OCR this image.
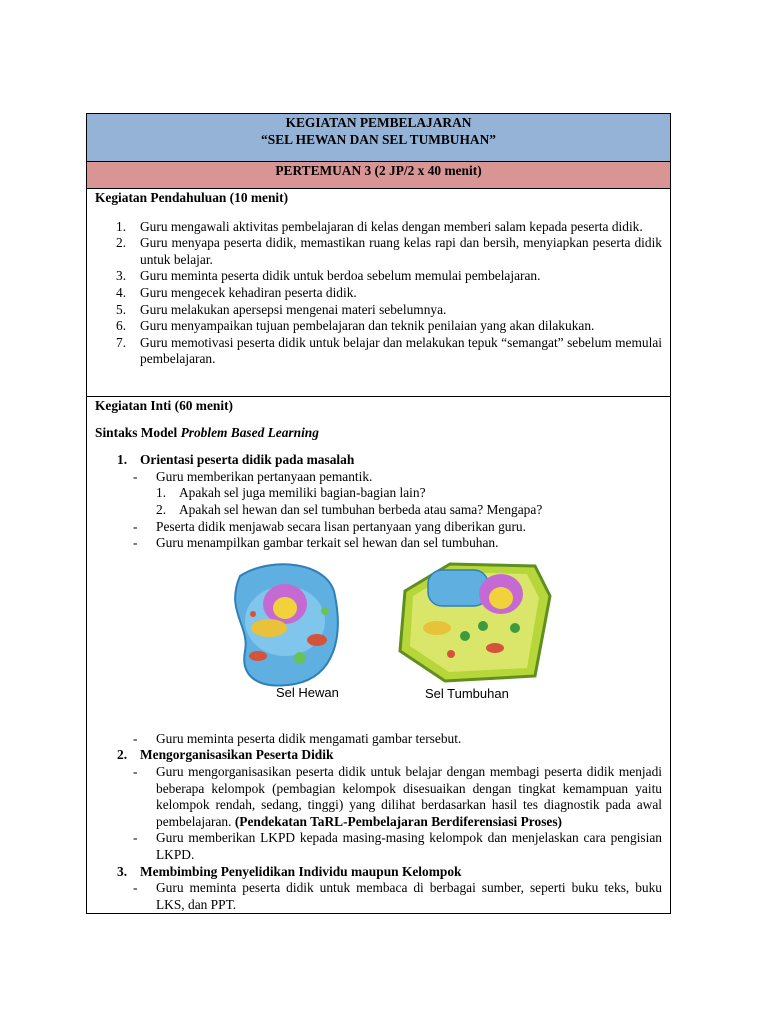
KEGIATAN PEMBELAJARAN
“SEL HEWAN DAN SEL TUMBUHAN”

PERTEMUAN 3 (2 JP/2 x 40 menit)

Kegiatan Pendahuluan (10 menit)
1. Guru mengawali aktivitas pembelajaran di kelas dengan memberi salam kepada peserta didik.
2. Guru menyapa peserta didik, memastikan ruang kelas rapi dan bersih, menyiapkan peserta didik untuk belajar.
3. Guru meminta peserta didik untuk berdoa sebelum memulai pembelajaran.
4. Guru mengecek kehadiran peserta didik.
5. Guru melakukan apersepsi mengenai materi sebelumnya.
6. Guru menyampaikan tujuan pembelajaran dan teknik penilaian yang akan dilakukan.
7. Guru memotivasi peserta didik untuk belajar dan melakukan tepuk “semangat” sebelum memulai pembelajaran.

Kegiatan Inti (60 menit)
Sintaks Model Problem Based Learning
1. Orientasi peserta didik pada masalah
- Guru memberikan pertanyaan pemantik.
1. Apakah sel juga memiliki bagian-bagian lain?
2. Apakah sel hewan dan sel tumbuhan berbeda atau sama? Mengapa?
- Peserta didik menjawab secara lisan pertanyaan yang diberikan guru.
- Guru menampilkan gambar terkait sel hewan dan sel tumbuhan.
Sel Hewan	Sel Tumbuhan
- Guru meminta peserta didik mengamati gambar tersebut.
2. Mengorganisasikan Peserta Didik
- Guru mengorganisasikan peserta didik untuk belajar dengan membagi peserta didik menjadi beberapa kelompok (pembagian kelompok disesuaikan dengan tingkat kemampuan yaitu kelompok rendah, sedang, tinggi) yang dilihat berdasarkan hasil tes diagnostik pada awal pembelajaran. (Pendekatan TaRL-Pembelajaran Berdiferensiasi Proses)
- Guru memberikan LKPD kepada masing-masing kelompok dan menjelaskan cara pengisian LKPD.
3. Membimbing Penyelidikan Individu maupun Kelompok
- Guru meminta peserta didik untuk membaca di berbagai sumber, seperti buku teks, buku LKS, dan PPT.
